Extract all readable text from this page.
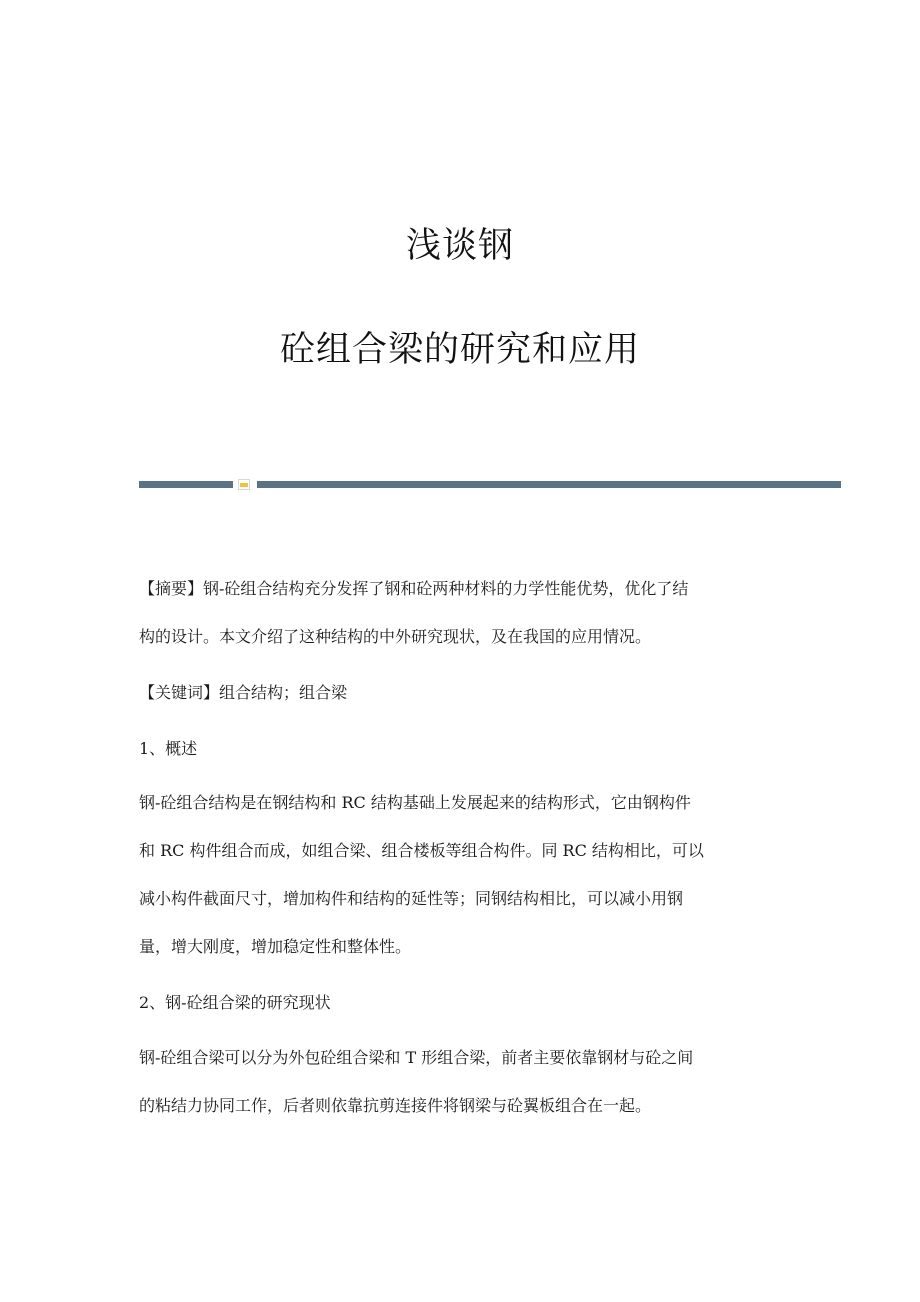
浅谈钢
砼组合梁的研究和应用

【摘要】钢-砼组合结构充分发挥了钢和砼两种材料的力学性能优势，优化了结
构的设计。本文介绍了这种结构的中外研究现状，及在我国的应用情况。

【关键词】组合结构；组合梁

1、概述

钢-砼组合结构是在钢结构和 RC 结构基础上发展起来的结构形式，它由钢构件
和 RC 构件组合而成，如组合梁、组合楼板等组合构件。同 RC 结构相比，可以
减小构件截面尺寸，增加构件和结构的延性等；同钢结构相比，可以减小用钢
量，增大刚度，增加稳定性和整体性。

2、钢-砼组合梁的研究现状

钢-砼组合梁可以分为外包砼组合梁和 T 形组合梁，前者主要依靠钢材与砼之间
的粘结力协同工作，后者则依靠抗剪连接件将钢梁与砼翼板组合在一起。
